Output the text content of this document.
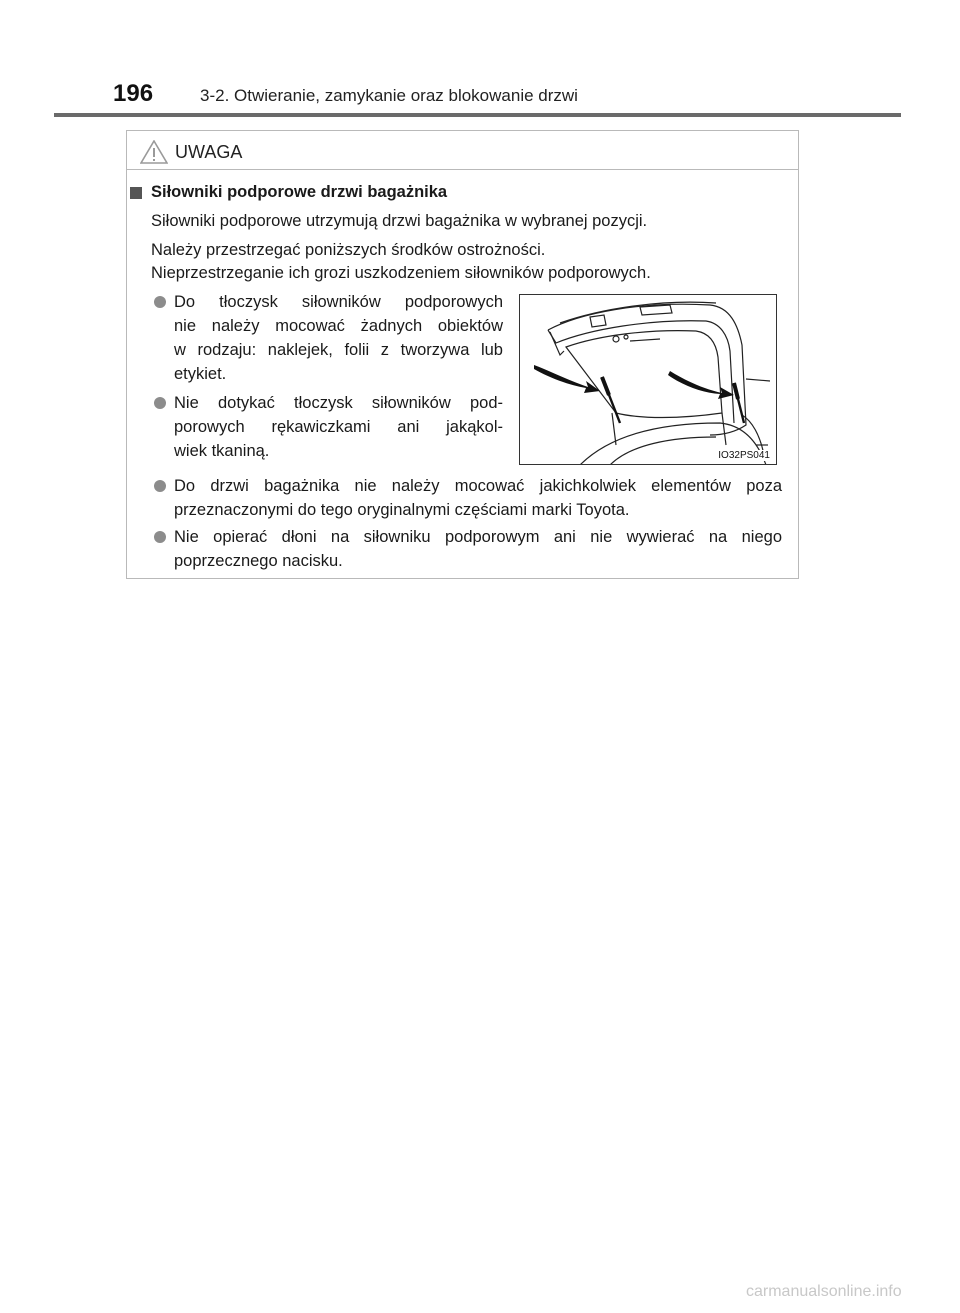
196	3-2. Otwieranie, zamykanie oraz blokowanie drzwi
UWAGA
Siłowniki podporowe drzwi bagażnika
Siłowniki podporowe utrzymują drzwi bagażnika w wybranej pozycji.
Należy przestrzegać poniższych środków ostrożności.
Nieprzestrzeganie ich grozi uszkodzeniem siłowników podporowych.
Do tłoczysk siłowników podporowych
nie należy mocować żadnych obiektów
w rodzaju: naklejek, folii z tworzywa lub
etykiet.
Nie dotykać tłoczysk siłowników pod-
porowych rękawiczkami ani jakąkol-
wiek tkaniną.	IO32PS041
Do drzwi bagażnika nie należy mocować jakichkolwiek elementów poza
przeznaczonymi do tego oryginalnymi częściami marki Toyota.
Nie opierać dłoni na siłowniku podporowym ani nie wywierać na niego
poprzecznego nacisku.
carmanualsonline.info
